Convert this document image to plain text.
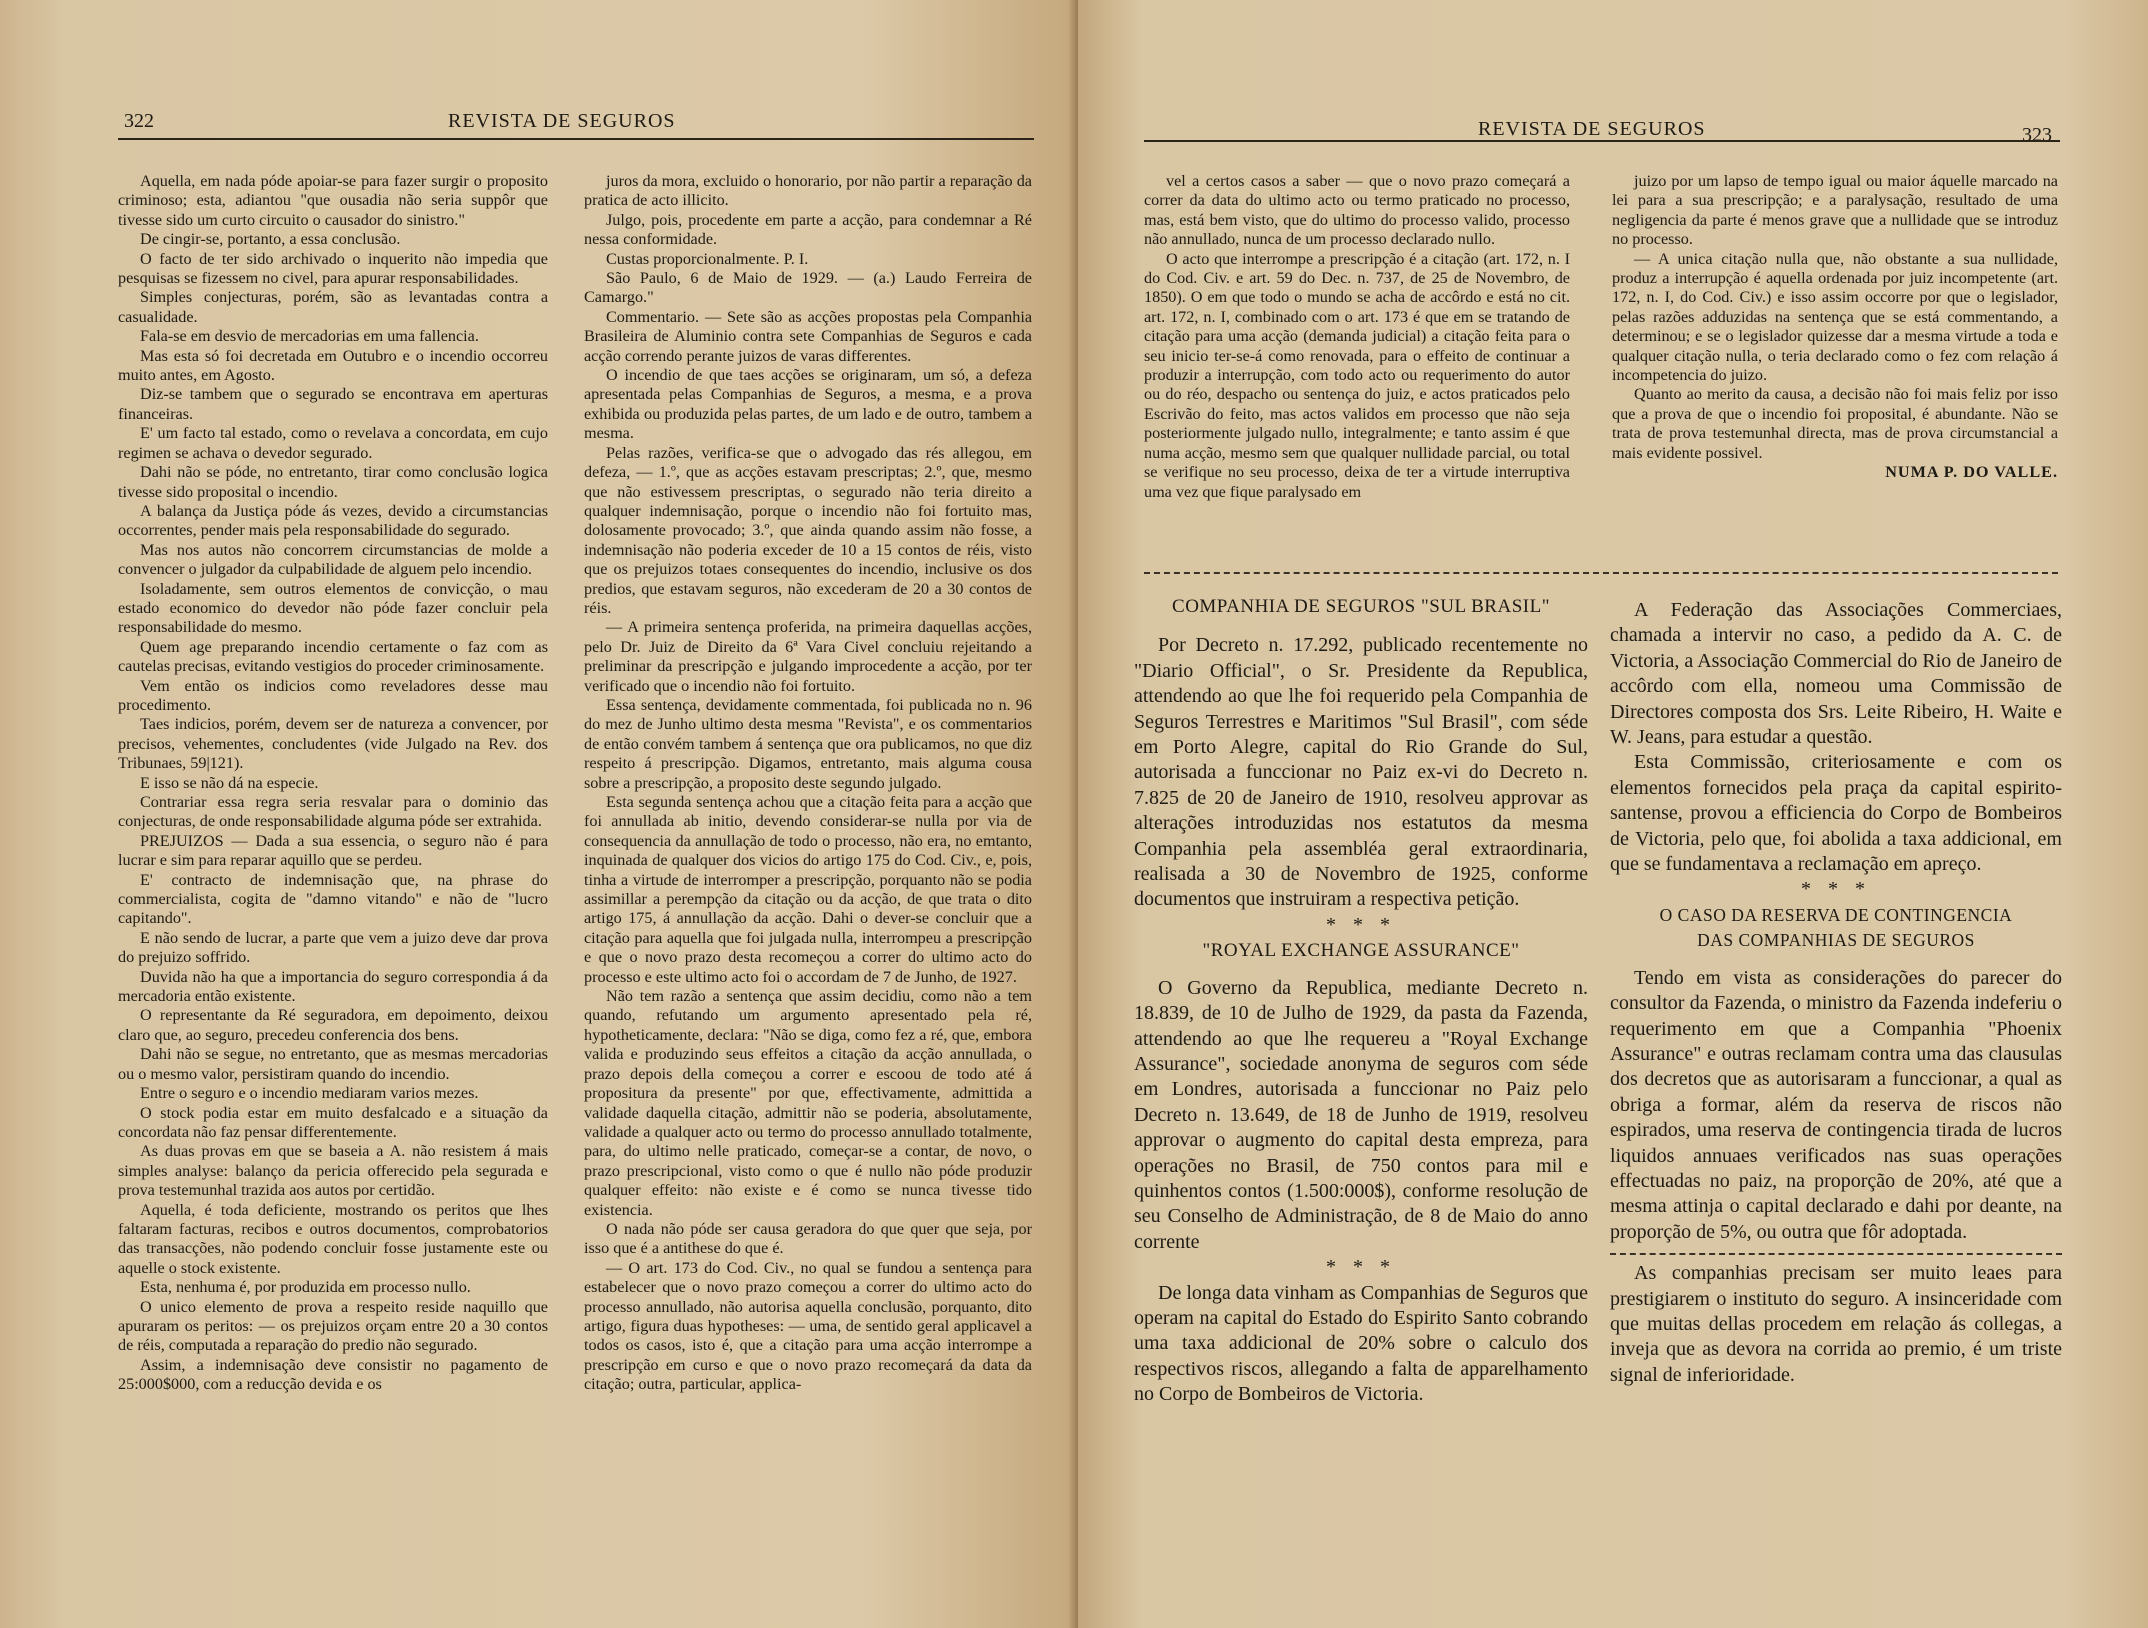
322	REVISTA DE SEGUROS

Aquella, em nada póde apoiar-se para fazer surgir o proposito criminoso; esta, adiantou "que ousadia não seria suppôr que tivesse sido um curto circuito o causador do sinistro."

De cingir-se, portanto, a essa conclusão.

O facto de ter sido archivado o inquerito não impedia que pesquisas se fizessem no civel, para apurar responsabilidades.

Simples conjecturas, porém, são as levantadas contra a casualidade.

Fala-se em desvio de mercadorias em uma fallencia.

Mas esta só foi decretada em Outubro e o incendio occorreu muito antes, em Agosto.

Diz-se tambem que o segurado se encontrava em aperturas financeiras.

E' um facto tal estado, como o revelava a concordata, em cujo regimen se achava o devedor segurado.

Dahi não se póde, no entretanto, tirar como conclusão logica tivesse sido proposital o incendio.

A balança da Justiça póde ás vezes, devido a circumstancias occorrentes, pender mais pela responsabilidade do segurado.

Mas nos autos não concorrem circumstancias de molde a convencer o julgador da culpabilidade de alguem pelo incendio.

Isoladamente, sem outros elementos de convicção, o mau estado economico do devedor não póde fazer concluir pela responsabilidade do mesmo.

Quem age preparando incendio certamente o faz com as cautelas precisas, evitando vestigios do proceder criminosamente.

Vem então os indicios como reveladores desse mau procedimento.

Taes indicios, porém, devem ser de natureza a convencer, por precisos, vehementes, concludentes (vide Julgado na Rev. dos Tribunaes, 59|121).

E isso se não dá na especie.

Contrariar essa regra seria resvalar para o dominio das conjecturas, de onde responsabilidade alguma póde ser extrahida.

PREJUIZOS — Dada a sua essencia, o seguro não é para lucrar e sim para reparar aquillo que se perdeu.

E' contracto de indemnisação que, na phrase do commercialista, cogita de "damno vitando" e não de "lucro capitando".

E não sendo de lucrar, a parte que vem a juizo deve dar prova do prejuizo soffrido.

Duvida não ha que a importancia do seguro correspondia á da mercadoria então existente.

O representante da Ré seguradora, em depoimento, deixou claro que, ao seguro, precedeu conferencia dos bens.

Dahi não se segue, no entretanto, que as mesmas mercadorias ou o mesmo valor, persistiram quando do incendio.

Entre o seguro e o incendio mediaram varios mezes.

O stock podia estar em muito desfalcado e a situação da concordata não faz pensar differentemente.

As duas provas em que se baseia a A. não resistem á mais simples analyse: balanço da pericia offerecido pela segurada e prova testemunhal trazida aos autos por certidão.

Aquella, é toda deficiente, mostrando os peritos que lhes faltaram facturas, recibos e outros documentos, comprobatorios das transacções, não podendo concluir fosse justamente este ou aquelle o stock existente.

Esta, nenhuma é, por produzida em processo nullo.

O unico elemento de prova a respeito reside naquillo que apuraram os peritos: — os prejuizos orçam entre 20 a 30 contos de réis, computada a reparação do predio não segurado.

Assim, a indemnisação deve consistir no pagamento de 25:000$000, com a reducção devida e os

juros da mora, excluido o honorario, por não partir a reparação da pratica de acto illicito.

Julgo, pois, procedente em parte a acção, para condemnar a Ré nessa conformidade.

Custas proporcionalmente. P. I.

São Paulo, 6 de Maio de 1929. — (a.) Laudo Ferreira de Camargo."

Commentario. — Sete são as acções propostas pela Companhia Brasileira de Aluminio contra sete Companhias de Seguros e cada acção correndo perante juizos de varas differentes.

O incendio de que taes acções se originaram, um só, a defeza apresentada pelas Companhias de Seguros, a mesma, e a prova exhibida ou produzida pelas partes, de um lado e de outro, tambem a mesma.

Pelas razões, verifica-se que o advogado das rés allegou, em defeza, — 1.º, que as acções estavam prescriptas; 2.º, que, mesmo que não estivessem prescriptas, o segurado não teria direito a qualquer indemnisação, porque o incendio não foi fortuito mas, dolosamente provocado; 3.º, que ainda quando assim não fosse, a indemnisação não poderia exceder de 10 a 15 contos de réis, visto que os prejuizos totaes consequentes do incendio, inclusive os dos predios, que estavam seguros, não excederam de 20 a 30 contos de réis.

— A primeira sentença proferida, na primeira daquellas acções, pelo Dr. Juiz de Direito da 6ª Vara Civel concluiu rejeitando a preliminar da prescripção e julgando improcedente a acção, por ter verificado que o incendio não foi fortuito.

Essa sentença, devidamente commentada, foi publicada no n. 96 do mez de Junho ultimo desta mesma "Revista", e os commentarios de então convém tambem á sentença que ora publicamos, no que diz respeito á prescripção. Digamos, entretanto, mais alguma cousa sobre a prescripção, a proposito deste segundo julgado.

Esta segunda sentença achou que a citação feita para a acção que foi annullada ab initio, devendo considerar-se nulla por via de consequencia da annullação de todo o processo, não era, no emtanto, inquinada de qualquer dos vicios do artigo 175 do Cod. Civ., e, pois, tinha a virtude de interromper a prescripção, porquanto não se podia assimillar a perempção da citação ou da acção, de que trata o dito artigo 175, á annullação da acção. Dahi o dever-se concluir que a citação para aquella que foi julgada nulla, interrompeu a prescripção e que o novo prazo desta recomeçou a correr do ultimo acto do processo e este ultimo acto foi o accordam de 7 de Junho, de 1927.

Não tem razão a sentença que assim decidiu, como não a tem quando, refutando um argumento apresentado pela ré, hypotheticamente, declara: "Não se diga, como fez a ré, que, embora valida e produzindo seus effeitos a citação da acção annullada, o prazo depois della começou a correr e escoou de todo até á propositura da presente" por que, effectivamente, admittida a validade daquella citação, admittir não se poderia, absolutamente, validade a qualquer acto ou termo do processo annullado totalmente, para, do ultimo nelle praticado, começar-se a contar, de novo, o prazo prescripcional, visto como o que é nullo não póde produzir qualquer effeito: não existe e é como se nunca tivesse tido existencia.

O nada não póde ser causa geradora do que quer que seja, por isso que é a antithese do que é.

— O art. 173 do Cod. Civ., no qual se fundou a sentença para estabelecer que o novo prazo começou a correr do ultimo acto do processo annullado, não autorisa aquella conclusão, porquanto, dito artigo, figura duas hypotheses: — uma, de sentido geral applicavel a todos os casos, isto é, que a citação para uma acção interrompe a prescripção em curso e que o novo prazo recomeçará da data da citação; outra, particular, applica-

REVISTA DE SEGUROS	323

vel a certos casos a saber — que o novo prazo começará a correr da data do ultimo acto ou termo praticado no processo, mas, está bem visto, que do ultimo do processo valido, processo não annullado, nunca de um processo declarado nullo.

O acto que interrompe a prescripção é a citação (art. 172, n. I do Cod. Civ. e art. 59 do Dec. n. 737, de 25 de Novembro, de 1850). O em que todo o mundo se acha de accôrdo e está no cit. art. 172, n. I, combinado com o art. 173 é que em se tratando de citação para uma acção (demanda judicial) a citação feita para o seu inicio ter-se-á como renovada, para o effeito de continuar a produzir a interrupção, com todo acto ou requerimento do autor ou do réo, despacho ou sentença do juiz, e actos praticados pelo Escrivão do feito, mas actos validos em processo que não seja posteriormente julgado nullo, integralmente; e tanto assim é que numa acção, mesmo sem que qualquer nullidade parcial, ou total se verifique no seu processo, deixa de ter a virtude interruptiva uma vez que fique paralysado em

juizo por um lapso de tempo igual ou maior áquelle marcado na lei para a sua prescripção; e a paralysação, resultado de uma negligencia da parte é menos grave que a nullidade que se introduz no processo.

— A unica citação nulla que, não obstante a sua nullidade, produz a interrupção é aquella ordenada por juiz incompetente (art. 172, n. I, do Cod. Civ.) e isso assim occorre por que o legislador, pelas razões adduzidas na sentença que se está commentando, a determinou; e se o legislador quizesse dar a mesma virtude a toda e qualquer citação nulla, o teria declarado como o fez com relação á incompetencia do juizo.

Quanto ao merito da causa, a decisão não foi mais feliz por isso que a prova de que o incendio foi proposital, é abundante. Não se trata de prova testemunhal directa, mas de prova circumstancial a mais evidente possivel.

NUMA P. DO VALLE.

COMPANHIA DE SEGUROS "SUL BRASIL"

Por Decreto n. 17.292, publicado recentemente no "Diario Official", o Sr. Presidente da Republica, attendendo ao que lhe foi requerido pela Companhia de Seguros Terrestres e Maritimos "Sul Brasil", com séde em Porto Alegre, capital do Rio Grande do Sul, autorisada a funccionar no Paiz ex-vi do Decreto n. 7.825 de 20 de Janeiro de 1910, resolveu approvar as alterações introduzidas nos estatutos da mesma Companhia pela assembléa geral extraordinaria, realisada a 30 de Novembro de 1925, conforme documentos que instruiram a respectiva petição.

* * *

"ROYAL EXCHANGE ASSURANCE"

O Governo da Republica, mediante Decreto n. 18.839, de 10 de Julho de 1929, da pasta da Fazenda, attendendo ao que lhe requereu a "Royal Exchange Assurance", sociedade anonyma de seguros com séde em Londres, autorisada a funccionar no Paiz pelo Decreto n. 13.649, de 18 de Junho de 1919, resolveu approvar o augmento do capital desta empreza, para operações no Brasil, de 750 contos para mil e quinhentos contos (1.500:000$), conforme resolução de seu Conselho de Administração, de 8 de Maio do anno corrente

* * *

De longa data vinham as Companhias de Seguros que operam na capital do Estado do Espirito Santo cobrando uma taxa addicional de 20% sobre o calculo dos respectivos riscos, allegando a falta de apparelhamento no Corpo de Bombeiros de Victoria.

A Federação das Associações Commerciaes, chamada a intervir no caso, a pedido da A. C. de Victoria, a Associação Commercial do Rio de Janeiro de accôrdo com ella, nomeou uma Commissão de Directores composta dos Srs. Leite Ribeiro, H. Waite e W. Jeans, para estudar a questão.

Esta Commissão, criteriosamente e com os elementos fornecidos pela praça da capital espirito-santense, provou a efficiencia do Corpo de Bombeiros de Victoria, pelo que, foi abolida a taxa addicional, em que se fundamentava a reclamação em apreço.

* * *

O CASO DA RESERVA DE CONTINGENCIA

DAS COMPANHIAS DE SEGUROS

Tendo em vista as considerações do parecer do consultor da Fazenda, o ministro da Fazenda indeferiu o requerimento em que a Companhia "Phoenix Assurance" e outras reclamam contra uma das clausulas dos decretos que as autorisaram a funccionar, a qual as obriga a formar, além da reserva de riscos não espirados, uma reserva de contingencia tirada de lucros liquidos annuaes verificados nas suas operações effectuadas no paiz, na proporção de 20%, até que a mesma attinja o capital declarado e dahi por deante, na proporção de 5%, ou outra que fôr adoptada.

As companhias precisam ser muito leaes para prestigiarem o instituto do seguro. A insinceridade com que muitas dellas procedem em relação ás collegas, a inveja que as devora na corrida ao premio, é um triste signal de inferioridade.
